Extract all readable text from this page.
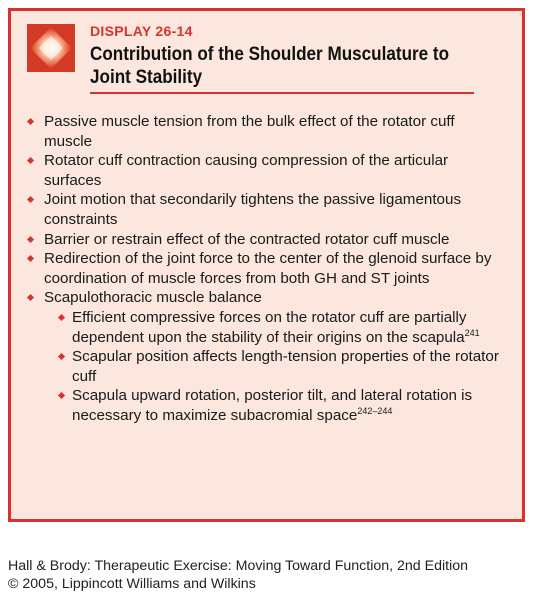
DISPLAY 26-14
Contribution of the Shoulder Musculature to Joint Stability
Passive muscle tension from the bulk effect of the rotator cuff muscle
Rotator cuff contraction causing compression of the articular surfaces
Joint motion that secondarily tightens the passive ligamentous constraints
Barrier or restrain effect of the contracted rotator cuff muscle
Redirection of the joint force to the center of the glenoid surface by coordination of muscle forces from both GH and ST joints
Scapulothoracic muscle balance
Efficient compressive forces on the rotator cuff are partially dependent upon the stability of their origins on the scapula$^{241}$
Scapular position affects length-tension properties of the rotator cuff
Scapula upward rotation, posterior tilt, and lateral rotation is necessary to maximize subacromial space$^{242-244}$
Hall & Brody: Therapeutic Exercise: Moving Toward Function, 2nd Edition
© 2005, Lippincott Williams and Wilkins
